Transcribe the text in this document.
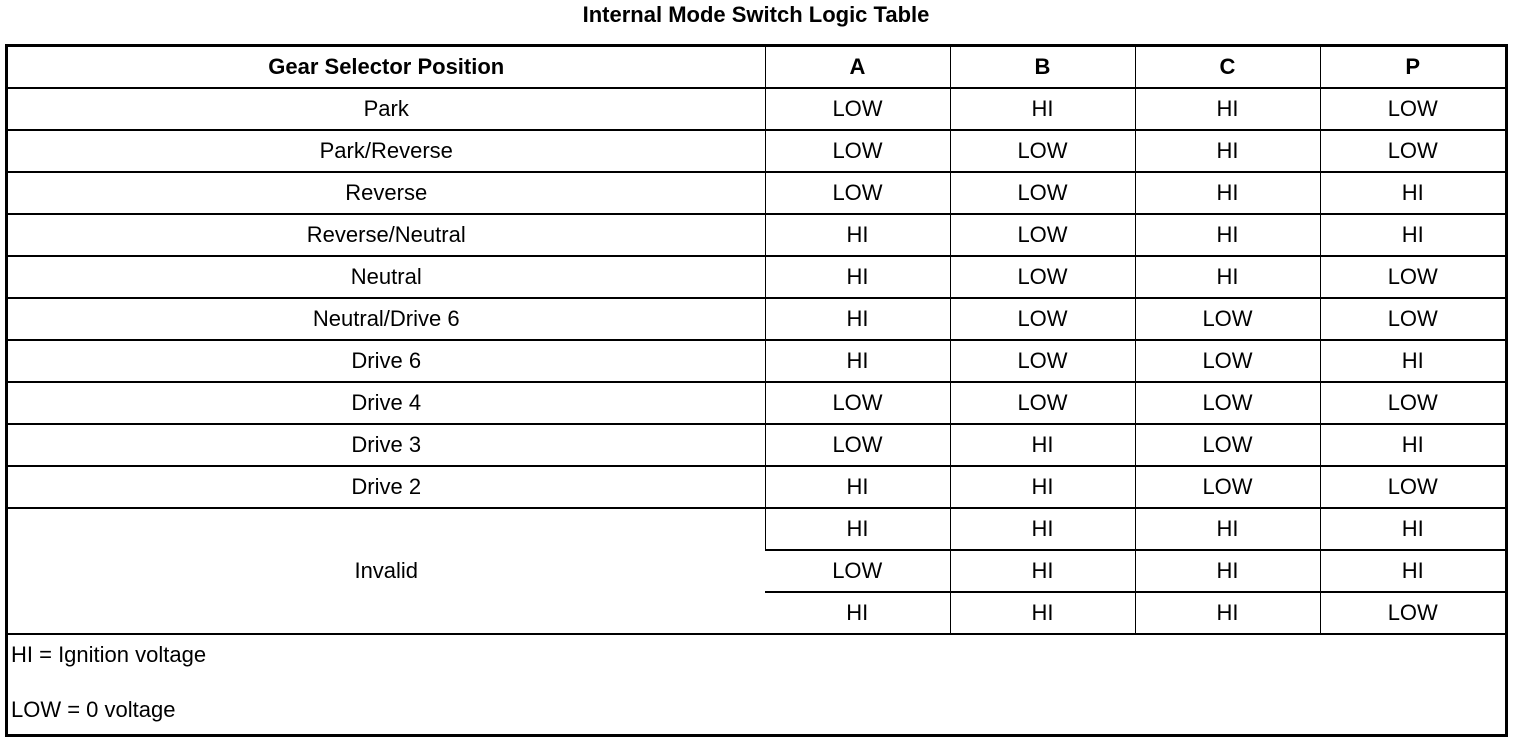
Internal Mode Switch Logic Table
Gear Selector Position	A	B	C	P
Park	LOW	HI	HI	LOW
Park/Reverse	LOW	LOW	HI	LOW
Reverse	LOW	LOW	HI	HI
Reverse/Neutral	HI	LOW	HI	HI
Neutral	HI	LOW	HI	LOW
Neutral/Drive 6	HI	LOW	LOW	LOW
Drive 6	HI	LOW	LOW	HI
Drive 4	LOW	LOW	LOW	LOW
Drive 3	LOW	HI	LOW	HI
Drive 2	HI	HI	LOW	LOW
Invalid	HI	HI	HI	HI
	LOW	HI	HI	HI
	HI	HI	HI	LOW
HI = Ignition voltage
LOW = 0 voltage
